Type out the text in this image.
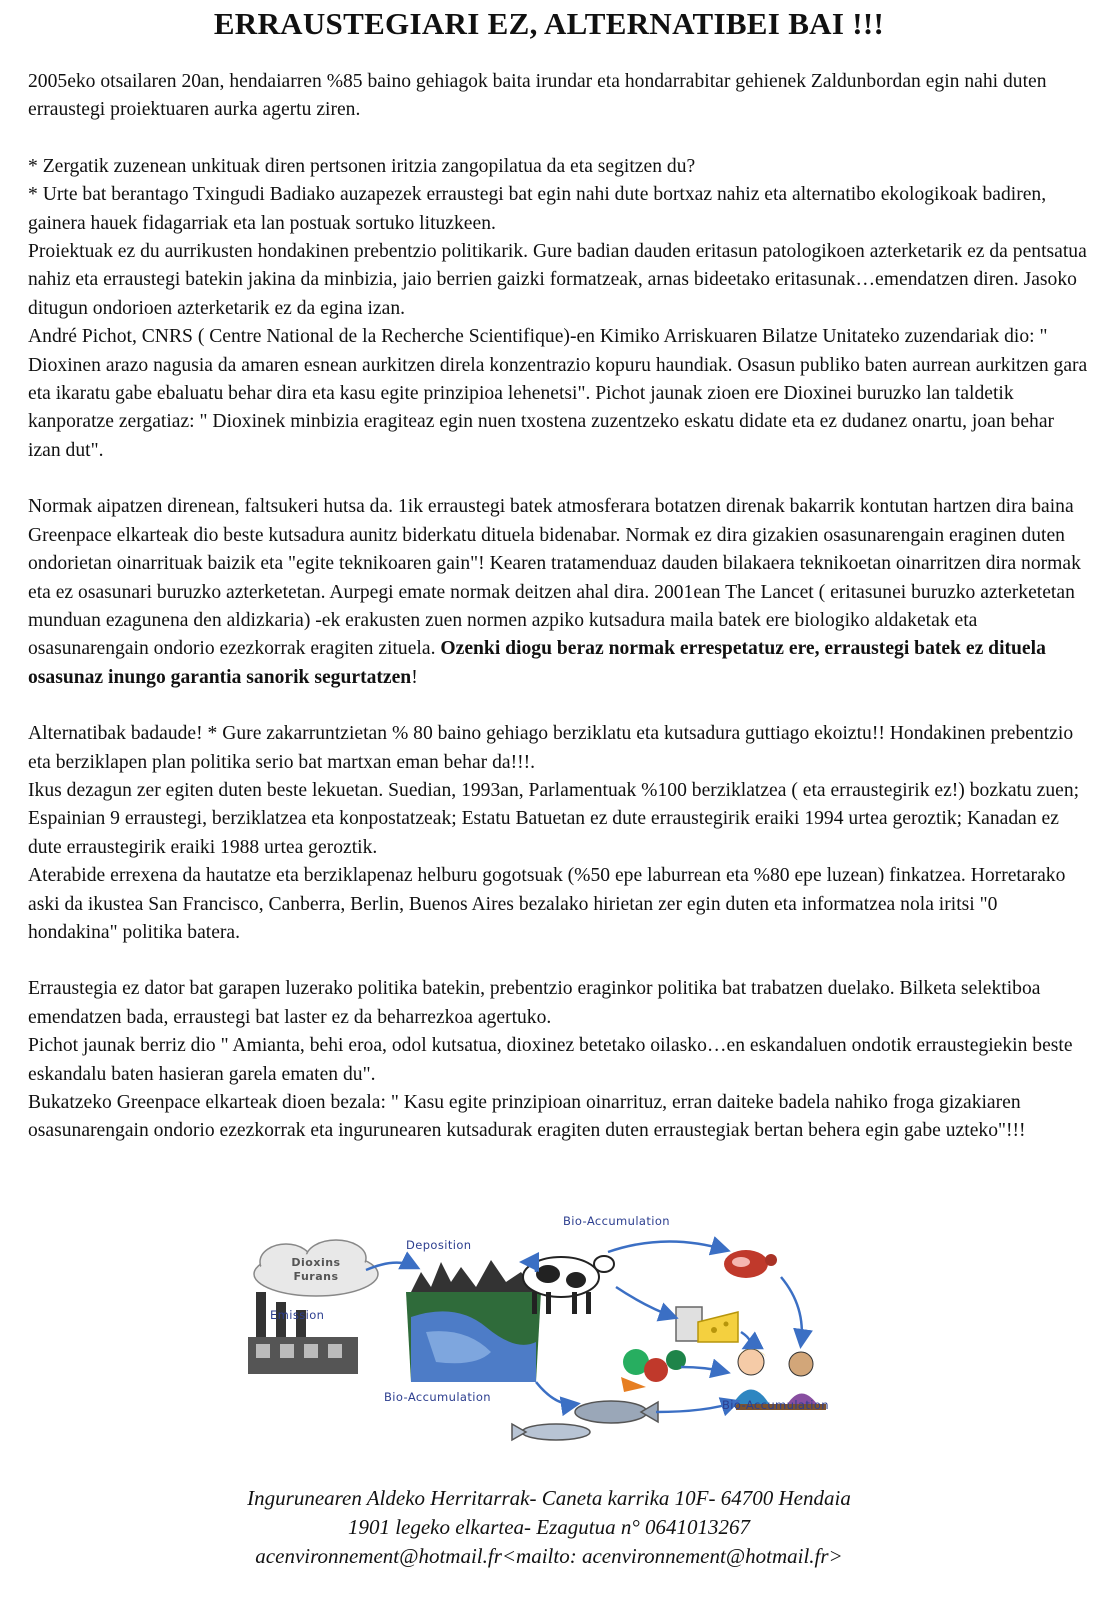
ERRAUSTEGIARI EZ, ALTERNATIBEI BAI !!!

2005eko otsailaren 20an, hendaiarren %85 baino gehiagok baita irundar eta hondarrabitar gehienek Zaldunbordan egin nahi duten erraustegi proiektuaren aurka agertu ziren.

* Zergatik zuzenean unkituak diren pertsonen iritzia zangopilatua da eta segitzen du?

* Urte bat berantago Txingudi Badiako auzapezek erraustegi bat egin nahi dute bortxaz nahiz eta alternatibo ekologikoak badiren, gainera hauek fidagarriak eta lan postuak sortuko lituzkeen.

Proiektuak ez du aurrikusten hondakinen prebentzio politikarik. Gure badian dauden eritasun patologikoen azterketarik ez da pentsatua nahiz eta erraustegi batekin jakina da minbizia, jaio berrien gaizki formatzeak, arnas bideetako eritasunak…emendatzen diren. Jasoko ditugun ondorioen azterketarik ez da egina izan.

André Pichot, CNRS ( Centre National de la Recherche Scientifique)-en Kimiko Arriskuaren Bilatze Unitateko zuzendariak dio: " Dioxinen arazo nagusia da amaren esnean aurkitzen direla konzentrazio kopuru haundiak. Osasun publiko baten aurrean aurkitzen gara eta ikaratu gabe ebaluatu behar dira eta kasu egite prinzipioa lehenetsi". Pichot jaunak zioen ere Dioxinei buruzko lan taldetik kanporatze zergatiaz: " Dioxinek minbizia eragiteaz egin nuen txostena zuzentzeko eskatu didate eta ez dudanez onartu, joan behar izan dut".

Normak aipatzen direnean, faltsukeri hutsa da. 1ik erraustegi batek atmosferara botatzen direnak bakarrik kontutan hartzen dira baina Greenpace elkarteak dio beste kutsadura aunitz biderkatu dituela bidenabar. Normak ez dira gizakien osasunarengain eraginen duten ondorietan oinarrituak baizik eta "egite teknikoaren gain"! Kearen tratamenduaz dauden bilakaera teknikoetan oinarritzen dira normak eta ez osasunari buruzko azterketetan. Aurpegi emate normak deitzen ahal dira. 2001ean The Lancet ( eritasunei buruzko azterketetan munduan ezagunena den aldizkaria) -ek erakusten zuen normen azpiko kutsadura maila batek ere biologiko aldaketak eta osasunarengain ondorio ezezkorrak eragiten zituela. Ozenki diogu beraz normak errespetatuz ere, erraustegi batek ez dituela osasunaz inungo garantia sanorik segurtatzen!

Alternatibak badaude! * Gure zakarruntzietan % 80 baino gehiago berziklatu eta kutsadura guttiago ekoiztu!! Hondakinen prebentzio eta berziklapen plan politika serio bat martxan eman behar da!!!.

Ikus dezagun zer egiten duten beste lekuetan. Suedian, 1993an, Parlamentuak %100 berziklatzea ( eta erraustegirik ez!) bozkatu zuen; Espainian 9 erraustegi, berziklatzea eta konpostatzeak; Estatu Batuetan ez dute erraustegirik eraiki 1994 urtea geroztik; Kanadan ez dute erraustegirik eraiki 1988 urtea geroztik.

Aterabide errexena da hautatze eta berziklapenaz helburu gogotsuak (%50 epe laburrean eta %80 epe luzean) finkatzea. Horretarako aski da ikustea San Francisco, Canberra, Berlin, Buenos Aires bezalako hirietan zer egin duten eta informatzea nola iritsi "0 hondakina" politika batera.

Erraustegia ez dator bat garapen luzerako politika batekin, prebentzio eraginkor politika bat trabatzen duelako. Bilketa selektiboa emendatzen bada, erraustegi bat laster ez da beharrezkoa agertuko.

Pichot jaunak berriz dio " Amianta, behi eroa, odol kutsatua, dioxinez betetako oilasko…en eskandaluen ondotik erraustegiekin beste eskandalu baten hasieran garela ematen du".

Bukatzeko Greenpace elkarteak dioen bezala: " Kasu egite prinzipioan oinarrituz, erran daiteke badela nahiko froga gizakiaren osasunarengain ondorio ezezkorrak eta ingurunearen kutsadurak eragiten duten erraustegiak bertan behera egin gabe uzteko"!!!

Dioxins
Furans
Emission
Deposition
Bio-Accumulation
Bio-Accumulation
Bio-Accumulation

Ingurunearen Aldeko Herritarrak- Caneta karrika 10F- 64700 Hendaia

1901 legeko elkartea- Ezagutua n° 0641013267

acenvironnement@hotmail.fr<mailto: acenvironnement@hotmail.fr>
